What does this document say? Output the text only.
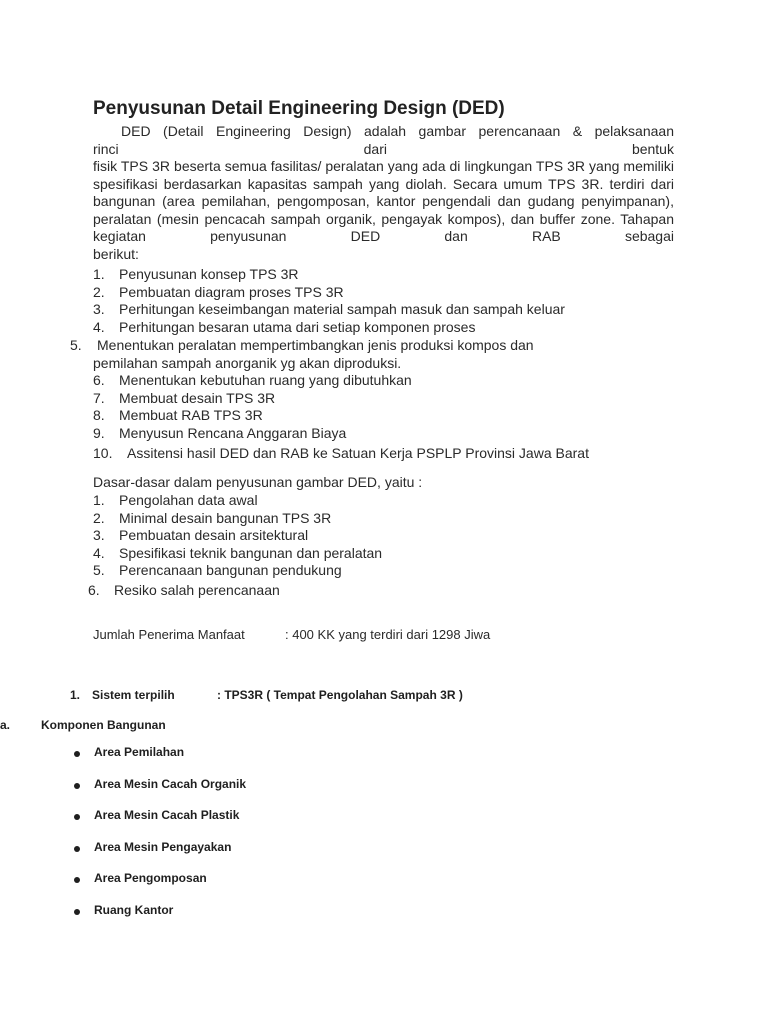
Penyusunan Detail Engineering Design (DED)
DED (Detail Engineering Design) adalah gambar perencanaan & pelaksanaan
rinci	dari	bentuk
fisik TPS 3R beserta semua fasilitas/ peralatan yang ada di lingkungan TPS 3R yang memiliki spesifikasi berdasarkan kapasitas sampah yang diolah. Secara umum TPS 3R. terdiri dari bangunan (area pemilahan, pengomposan, kantor pengendali dan gudang penyimpanan), peralatan (mesin pencacah sampah organik, pengayak kompos), dan buffer zone. Tahapan kegiatan penyusunan DED dan RAB sebagai
berikut:
1. Penyusunan konsep TPS 3R
2. Pembuatan diagram proses TPS 3R
3. Perhitungan keseimbangan material sampah masuk dan sampah keluar
4. Perhitungan besaran utama dari setiap komponen proses
5. Menentukan peralatan mempertimbangkan jenis produksi kompos dan
pemilahan sampah anorganik yg akan diproduksi.
6. Menentukan kebutuhan ruang yang dibutuhkan
7. Membuat desain TPS 3R
8. Membuat RAB TPS 3R
9. Menyusun Rencana Anggaran Biaya
10. Assitensi hasil DED dan RAB ke Satuan Kerja PSPLP Provinsi Jawa Barat
Dasar-dasar dalam penyusunan gambar DED, yaitu :
1. Pengolahan data awal
2. Minimal desain bangunan TPS 3R
3. Pembuatan desain arsitektural
4. Spesifikasi teknik bangunan dan peralatan
5. Perencanaan bangunan pendukung
6. Resiko salah perencanaan
Jumlah Penerima Manfaat	: 400 KK yang terdiri dari 1298 Jiwa
1. Sistem terpilih	: TPS3R ( Tempat Pengolahan Sampah 3R )
a.	Komponen Bangunan
Area Pemilahan
Area Mesin Cacah Organik
Area Mesin Cacah Plastik
Area Mesin Pengayakan
Area Pengomposan
Ruang Kantor
